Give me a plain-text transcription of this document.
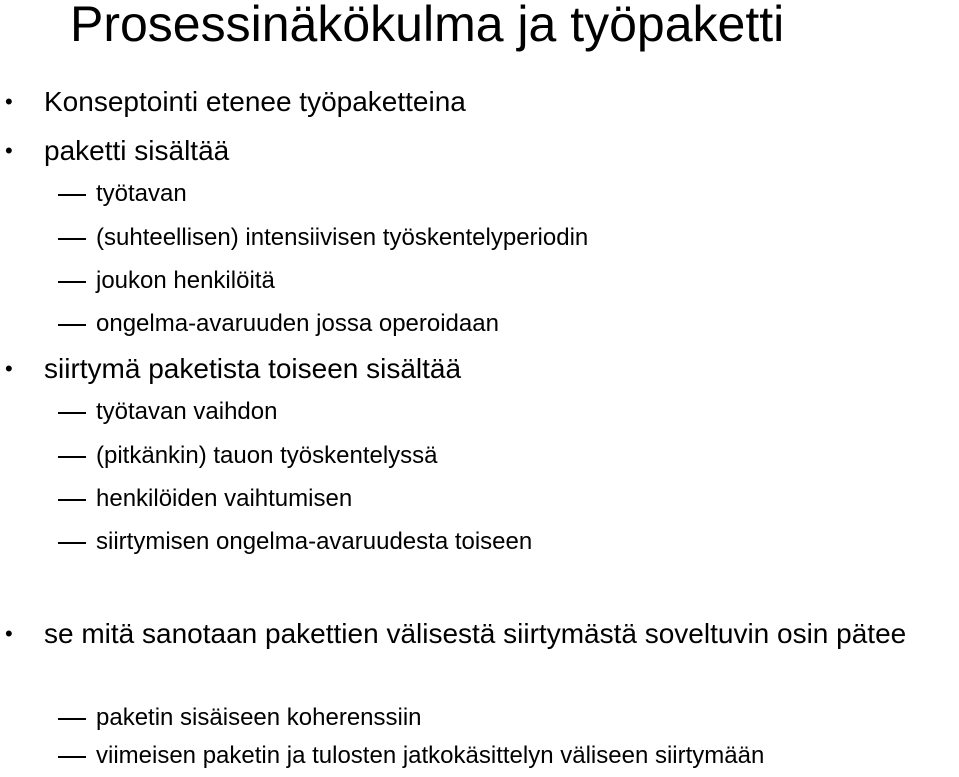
Prosessinäkökulma ja työpaketti
• Konseptointi etenee työpaketteina
• paketti sisältää
työtavan
(suhteellisen) intensiivisen työskentelyperiodin
joukon henkilöitä
ongelma-avaruuden jossa operoidaan
• siirtymä paketista toiseen sisältää
työtavan vaihdon
(pitkänkin) tauon työskentelyssä
henkilöiden vaihtumisen
siirtymisen ongelma-avaruudesta toiseen
• se mitä sanotaan pakettien välisestä siirtymästä soveltuvin osin pätee
paketin sisäiseen koherenssiin
viimeisen paketin ja tulosten jatkokäsittelyn väliseen siirtymään
